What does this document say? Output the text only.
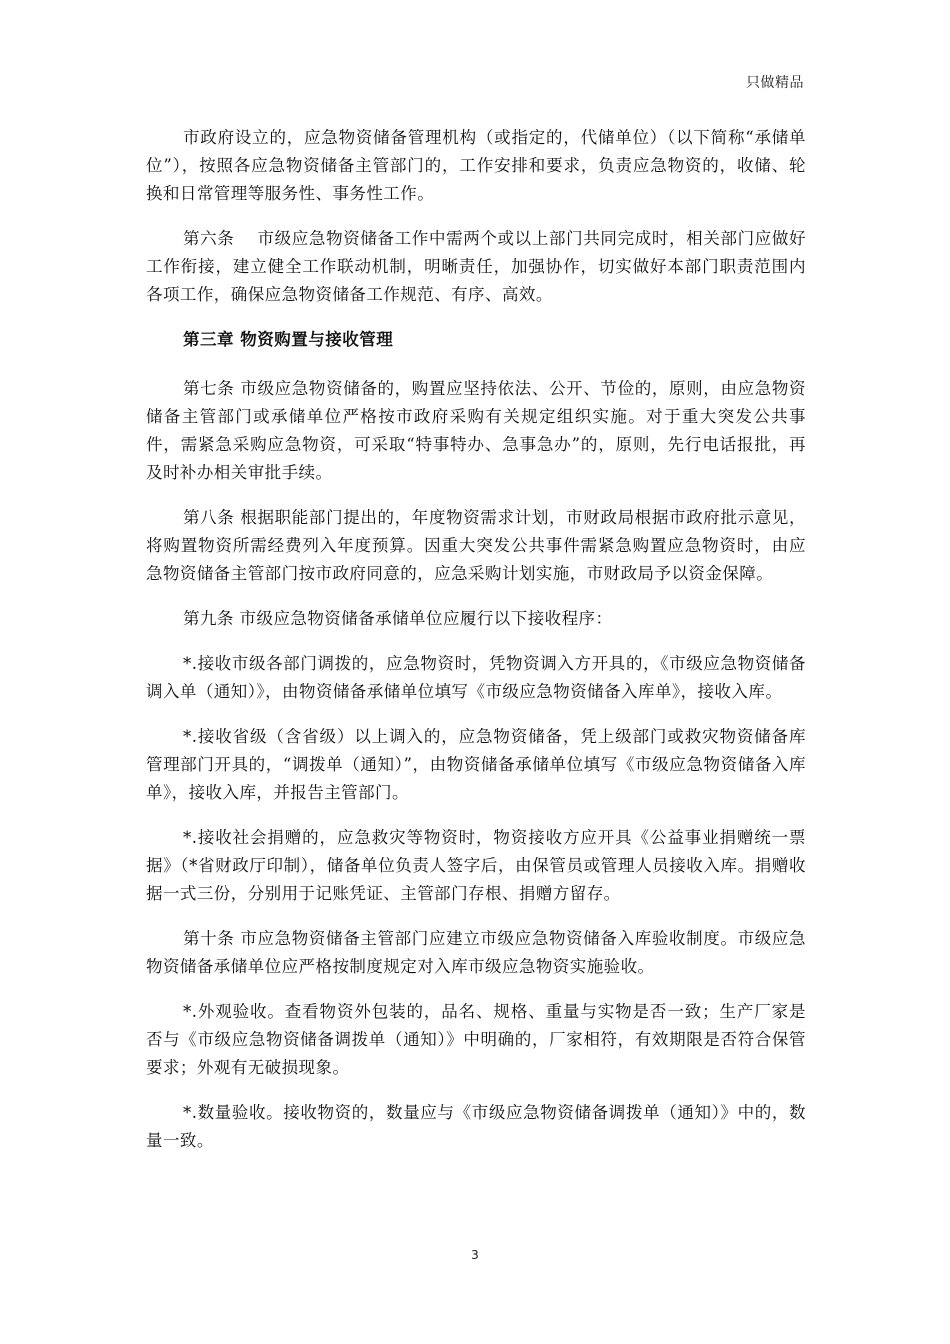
只做精品

市政府设立的，应急物资储备管理机构（或指定的，代储单位）（以下简称“承储单位”），按照各应急物资储备主管部门的，工作安排和要求，负责应急物资的，收储、轮换和日常管理等服务性、事务性工作。

第六条　 市级应急物资储备工作中需两个或以上部门共同完成时，相关部门应做好工作衔接，建立健全工作联动机制，明晰责任，加强协作，切实做好本部门职责范围内各项工作，确保应急物资储备工作规范、有序、高效。

第三章 物资购置与接收管理

第七条 市级应急物资储备的，购置应坚持依法、公开、节俭的，原则，由应急物资储备主管部门或承储单位严格按市政府采购有关规定组织实施。对于重大突发公共事件，需紧急采购应急物资，可采取“特事特办、急事急办”的，原则，先行电话报批，再及时补办相关审批手续。

第八条 根据职能部门提出的，年度物资需求计划，市财政局根据市政府批示意见，将购置物资所需经费列入年度预算。因重大突发公共事件需紧急购置应急物资时，由应急物资储备主管部门按市政府同意的，应急采购计划实施，市财政局予以资金保障。

第九条 市级应急物资储备承储单位应履行以下接收程序：

*.接收市级各部门调拨的，应急物资时，凭物资调入方开具的，《市级应急物资储备调入单（通知）》，由物资储备承储单位填写《市级应急物资储备入库单》，接收入库。

*.接收省级（含省级）以上调入的，应急物资储备，凭上级部门或救灾物资储备库管理部门开具的，“调拨单（通知）”，由物资储备承储单位填写《市级应急物资储备入库单》，接收入库，并报告主管部门。

*.接收社会捐赠的，应急救灾等物资时，物资接收方应开具《公益事业捐赠统一票据》（*省财政厅印制），储备单位负责人签字后，由保管员或管理人员接收入库。捐赠收据一式三份，分别用于记账凭证、主管部门存根、捐赠方留存。

第十条 市应急物资储备主管部门应建立市级应急物资储备入库验收制度。市级应急物资储备承储单位应严格按制度规定对入库市级应急物资实施验收。

*.外观验收。查看物资外包装的，品名、规格、重量与实物是否一致；生产厂家是否与《市级应急物资储备调拨单（通知）》中明确的，厂家相符，有效期限是否符合保管要求；外观有无破损现象。

*.数量验收。接收物资的，数量应与《市级应急物资储备调拨单（通知）》中的，数量一致。

3
